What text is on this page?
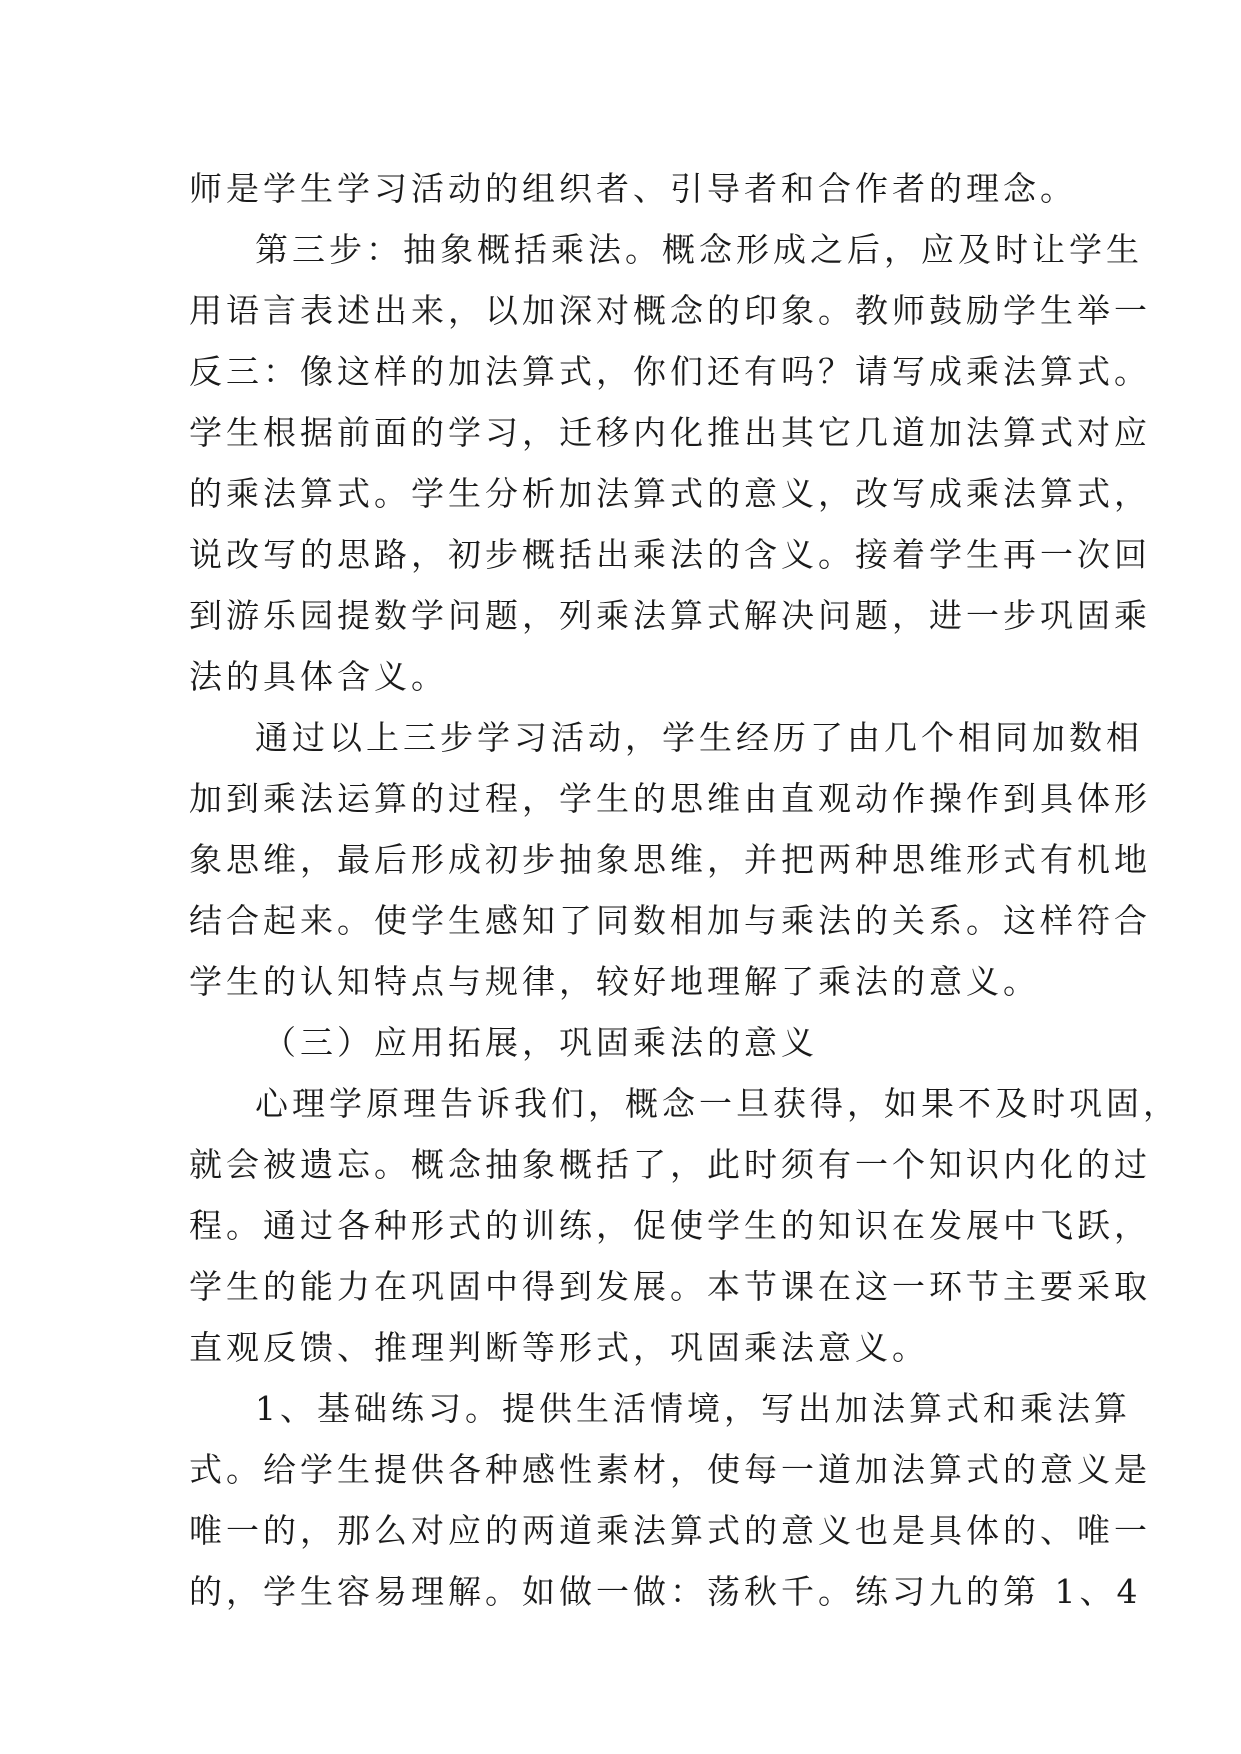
师是学生学习活动的组织者、引导者和合作者的理念。
第三步：抽象概括乘法。概念形成之后，应及时让学生
用语言表述出来，以加深对概念的印象。教师鼓励学生举一
反三：像这样的加法算式，你们还有吗？请写成乘法算式。
学生根据前面的学习，迁移内化推出其它几道加法算式对应
的乘法算式。学生分析加法算式的意义，改写成乘法算式，
说改写的思路，初步概括出乘法的含义。接着学生再一次回
到游乐园提数学问题，列乘法算式解决问题，进一步巩固乘
法的具体含义。
通过以上三步学习活动，学生经历了由几个相同加数相
加到乘法运算的过程，学生的思维由直观动作操作到具体形
象思维，最后形成初步抽象思维，并把两种思维形式有机地
结合起来。使学生感知了同数相加与乘法的关系。这样符合
学生的认知特点与规律，较好地理解了乘法的意义。
（三）应用拓展，巩固乘法的意义
心理学原理告诉我们，概念一旦获得，如果不及时巩固，
就会被遗忘。概念抽象概括了，此时须有一个知识内化的过
程。通过各种形式的训练，促使学生的知识在发展中飞跃，
学生的能力在巩固中得到发展。本节课在这一环节主要采取
直观反馈、推理判断等形式，巩固乘法意义。
1、基础练习。提供生活情境，写出加法算式和乘法算
式。给学生提供各种感性素材，使每一道加法算式的意义是
唯一的，那么对应的两道乘法算式的意义也是具体的、唯一
的，学生容易理解。如做一做：荡秋千。练习九的第 1、4
